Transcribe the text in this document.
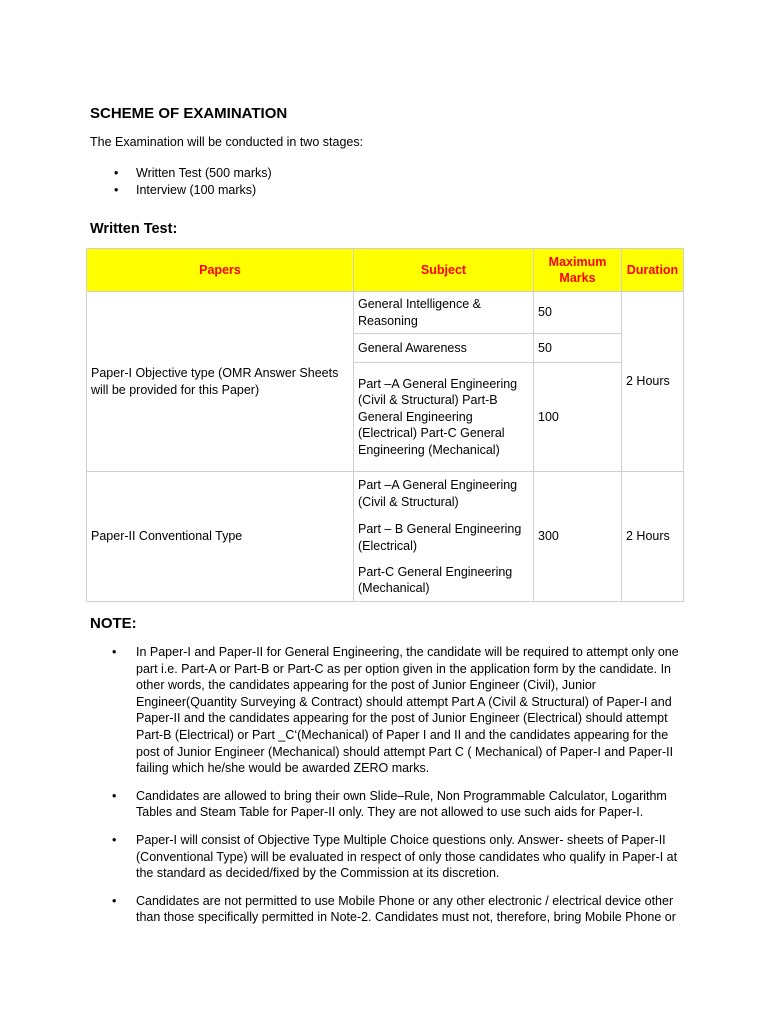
SCHEME OF EXAMINATION

The Examination will be conducted in two stages:

• Written Test (500 marks)
• Interview (100 marks)
Written Test:
Papers	Subject	Maximum Marks	Duration
Paper-I Objective type (OMR Answer Sheets will be provided for this Paper)	General Intelligence & Reasoning	50	2 Hours
	General Awareness	50	
	Part –A General Engineering (Civil & Structural) Part-B General Engineering (Electrical) Part-C General Engineering (Mechanical)	100	
Paper-II Conventional Type	Part –A General Engineering (Civil & Structural)	300	2 Hours
	Part – B General Engineering (Electrical)		
	Part-C General Engineering (Mechanical)		
NOTE:
• In Paper-I and Paper-II for General Engineering, the candidate will be required to attempt only one part i.e. Part-A or Part-B or Part-C as per option given in the application form by the candidate. In other words, the candidates appearing for the post of Junior Engineer (Civil), Junior Engineer(Quantity Surveying & Contract) should attempt Part A (Civil & Structural) of Paper-I and Paper-II and the candidates appearing for the post of Junior Engineer (Electrical) should attempt Part-B (Electrical) or Part _C‘(Mechanical) of Paper I and II and the candidates appearing for the post of Junior Engineer (Mechanical) should attempt Part C ( Mechanical) of Paper-I and Paper-II failing which he/she would be awarded ZERO marks.
• Candidates are allowed to bring their own Slide–Rule, Non Programmable Calculator, Logarithm Tables and Steam Table for Paper-II only. They are not allowed to use such aids for Paper-I.
• Paper-I will consist of Objective Type Multiple Choice questions only. Answer- sheets of Paper-II (Conventional Type) will be evaluated in respect of only those candidates who qualify in Paper-I at the standard as decided/fixed by the Commission at its discretion.
• Candidates are not permitted to use Mobile Phone or any other electronic / electrical device other than those specifically permitted in Note-2. Candidates must not, therefore, bring Mobile Phone or
